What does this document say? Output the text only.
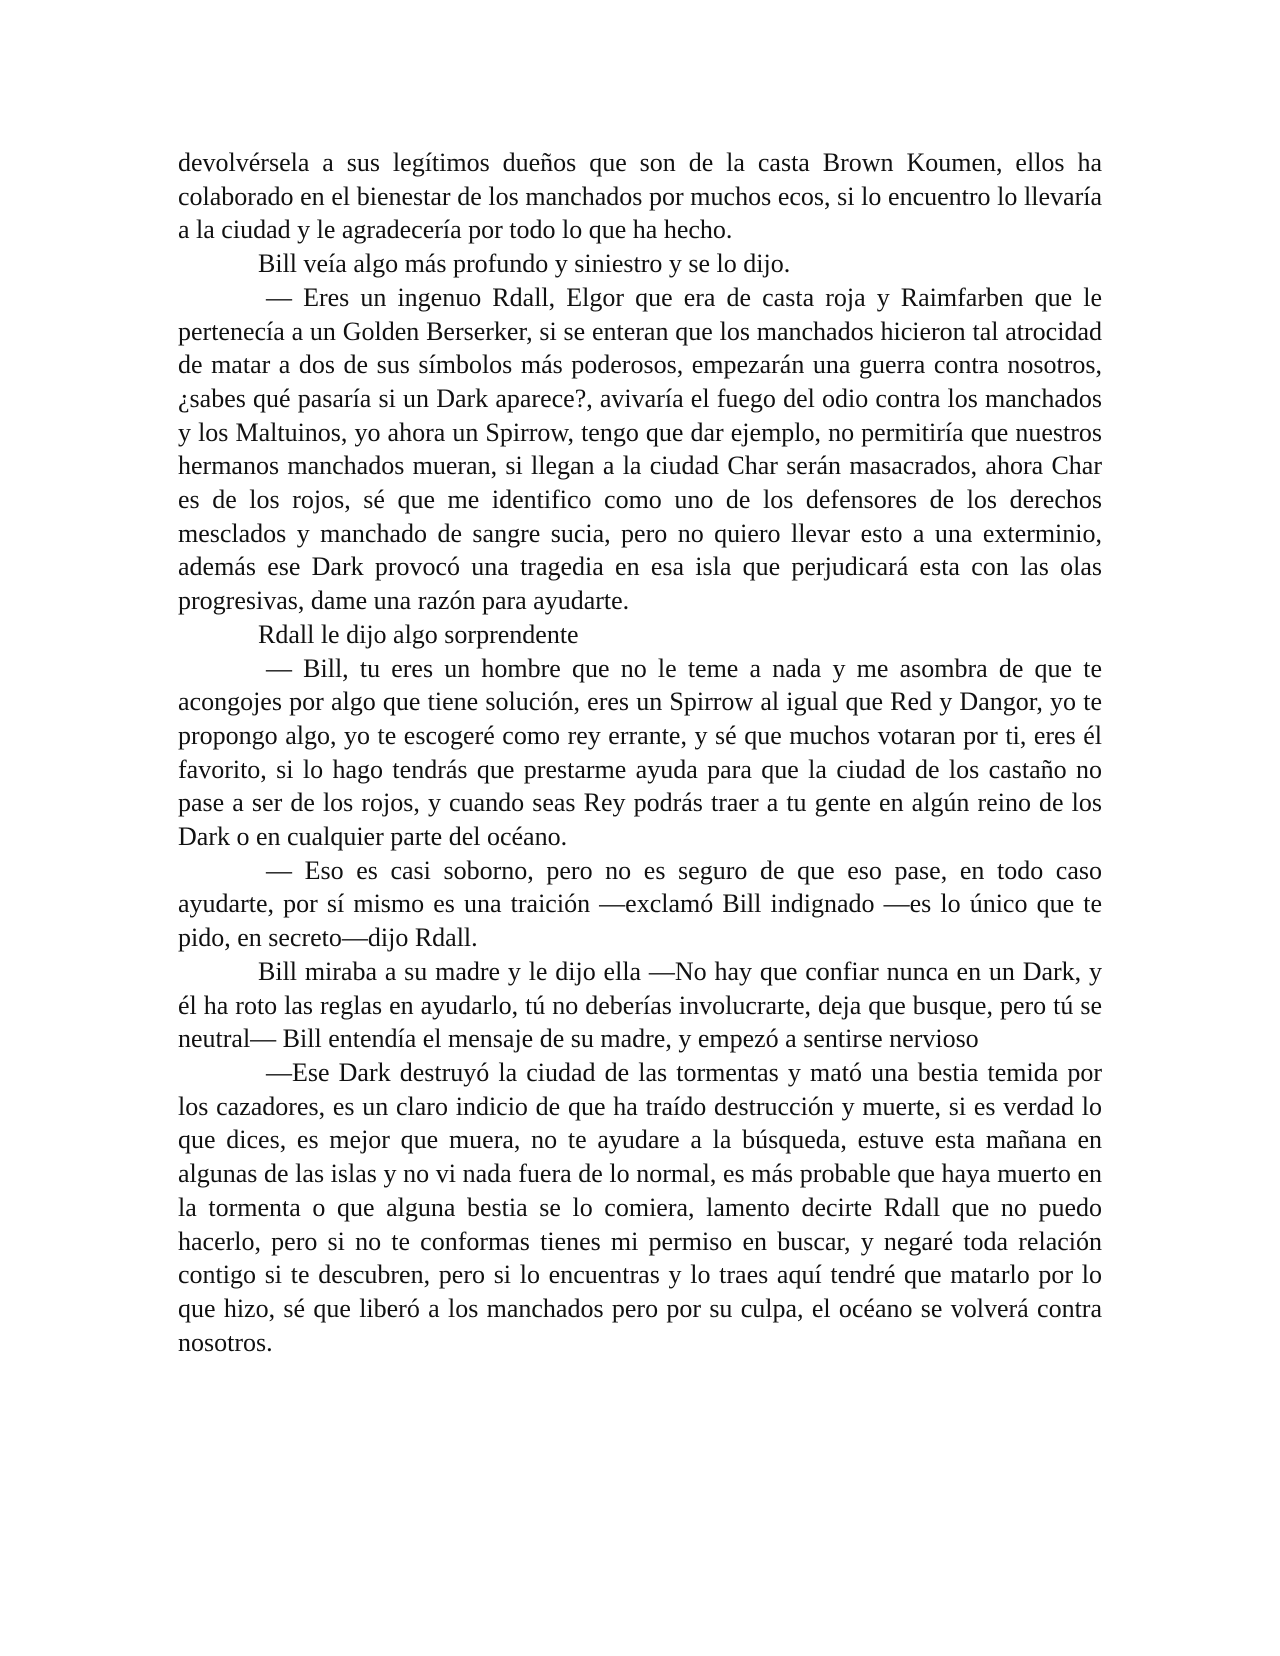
devolvérsela a sus legítimos dueños que son de la casta Brown Koumen, ellos ha colaborado en el bienestar de los manchados por muchos ecos, si lo encuentro lo llevaría a la ciudad y le agradecería por todo lo que ha hecho.

Bill veía algo más profundo y siniestro y se lo dijo.

— Eres un ingenuo Rdall, Elgor que era de casta roja y Raimfarben que le pertenecía a un Golden Berserker, si se enteran que los manchados hicieron tal atrocidad de matar a dos de sus símbolos más poderosos, empezarán una guerra contra nosotros, ¿sabes qué pasaría si un Dark aparece?, avivaría el fuego del odio contra los manchados y los Maltuinos, yo ahora un Spirrow, tengo que dar ejemplo, no permitiría que nuestros hermanos manchados mueran, si llegan a la ciudad Char serán masacrados, ahora Char es de los rojos, sé que me identifico como uno de los defensores de los derechos mesclados y manchado de sangre sucia, pero no quiero llevar esto a una exterminio, además ese Dark provocó una tragedia en esa isla que perjudicará esta con las olas progresivas, dame una razón para ayudarte.

Rdall le dijo algo sorprendente

— Bill, tu eres un hombre que no le teme a nada y me asombra de que te acongojes por algo que tiene solución, eres un Spirrow al igual que Red y Dangor, yo te propongo algo, yo te escogeré como rey errante, y sé que muchos votaran por ti, eres él favorito, si lo hago tendrás que prestarme ayuda para que la ciudad de los castaño no pase a ser de los rojos, y cuando seas Rey podrás traer a tu gente en algún reino de los Dark o en cualquier parte del océano.

— Eso es casi soborno, pero no es seguro de que eso pase, en todo caso ayudarte, por sí mismo es una traición —exclamó Bill indignado —es lo único que te pido, en secreto—dijo Rdall.

Bill miraba a su madre y le dijo ella —No hay que confiar nunca en un Dark, y él ha roto las reglas en ayudarlo, tú no deberías involucrarte, deja que busque, pero tú se neutral— Bill entendía el mensaje de su madre, y empezó a sentirse nervioso

—Ese Dark destruyó la ciudad de las tormentas y mató una bestia temida por los cazadores, es un claro indicio de que ha traído destrucción y muerte, si es verdad lo que dices, es mejor que muera, no te ayudare a la búsqueda, estuve esta mañana en algunas de las islas y no vi nada fuera de lo normal, es más probable que haya muerto en la tormenta o que alguna bestia se lo comiera, lamento decirte Rdall que no puedo hacerlo, pero si no te conformas tienes mi permiso en buscar, y negaré toda relación contigo si te descubren, pero si lo encuentras y lo traes aquí tendré que matarlo por lo que hizo, sé que liberó a los manchados pero por su culpa, el océano se volverá contra nosotros.
